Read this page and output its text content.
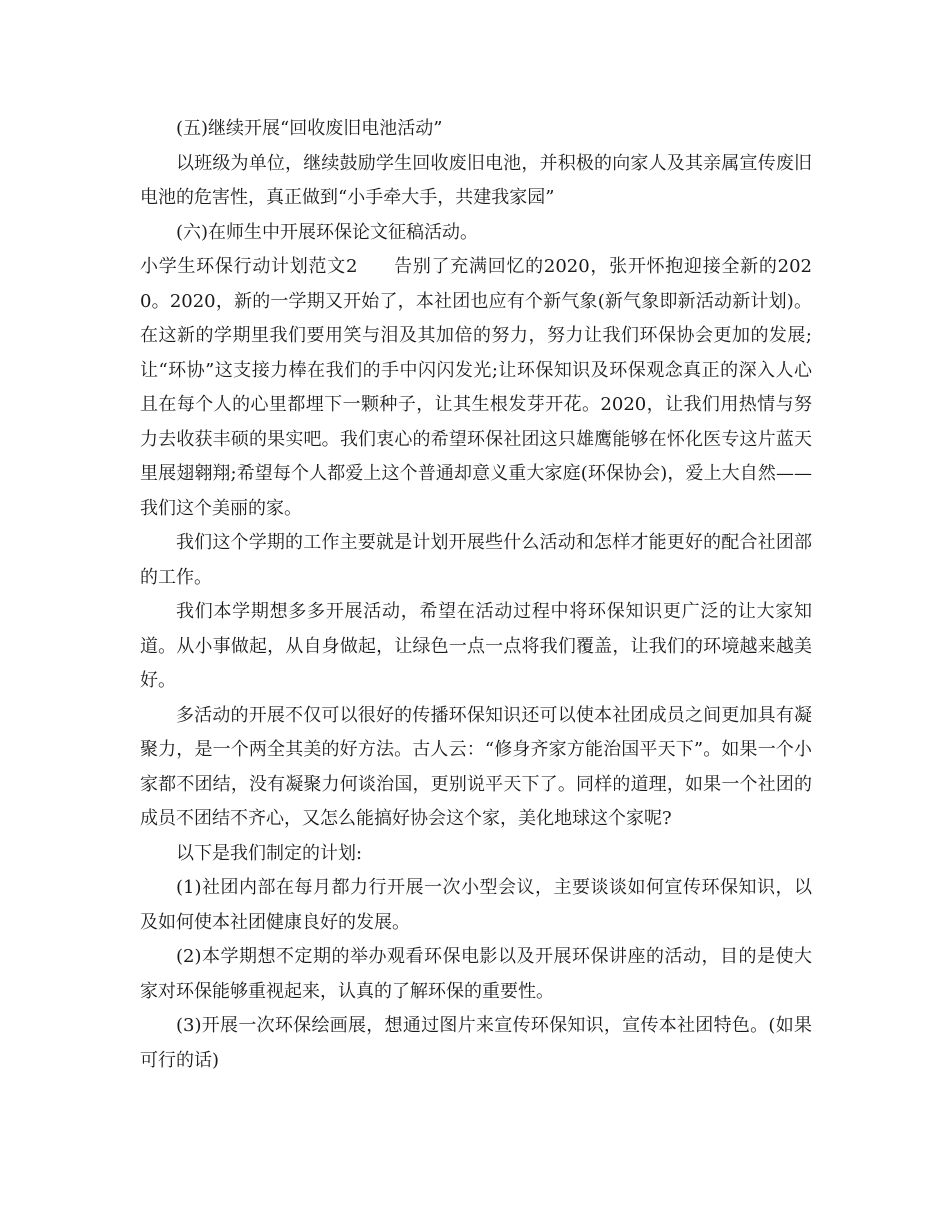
(五)继续开展“回收废旧电池活动”

以班级为单位，继续鼓励学生回收废旧电池，并积极的向家人及其亲属宣传废旧电池的危害性，真正做到“小手牵大手，共建我家园”

(六)在师生中开展环保论文征稿活动。

小学生环保行动计划范文2 告别了充满回忆的2020，张开怀抱迎接全新的2020。2020，新的一学期又开始了，本社团也应有个新气象(新气象即新活动新计划)。在这新的学期里我们要用笑与泪及其加倍的努力，努力让我们环保协会更加的发展;让“环协”这支接力棒在我们的手中闪闪发光;让环保知识及环保观念真正的深入人心且在每个人的心里都埋下一颗种子，让其生根发芽开花。2020，让我们用热情与努力去收获丰硕的果实吧。我们衷心的希望环保社团这只雄鹰能够在怀化医专这片蓝天里展翅翱翔;希望每个人都爱上这个普通却意义重大家庭(环保协会)，爱上大自然——我们这个美丽的家。

我们这个学期的工作主要就是计划开展些什么活动和怎样才能更好的配合社团部的工作。

我们本学期想多多开展活动，希望在活动过程中将环保知识更广泛的让大家知道。从小事做起，从自身做起，让绿色一点一点将我们覆盖，让我们的环境越来越美好。

多活动的开展不仅可以很好的传播环保知识还可以使本社团成员之间更加具有凝聚力，是一个两全其美的好方法。古人云：“修身齐家方能治国平天下”。如果一个小家都不团结，没有凝聚力何谈治国，更别说平天下了。同样的道理，如果一个社团的成员不团结不齐心，又怎么能搞好协会这个家，美化地球这个家呢?

以下是我们制定的计划:

(1)社团内部在每月都力行开展一次小型会议，主要谈谈如何宣传环保知识，以及如何使本社团健康良好的发展。

(2)本学期想不定期的举办观看环保电影以及开展环保讲座的活动，目的是使大家对环保能够重视起来，认真的了解环保的重要性。

(3)开展一次环保绘画展，想通过图片来宣传环保知识，宣传本社团特色。(如果可行的话)
